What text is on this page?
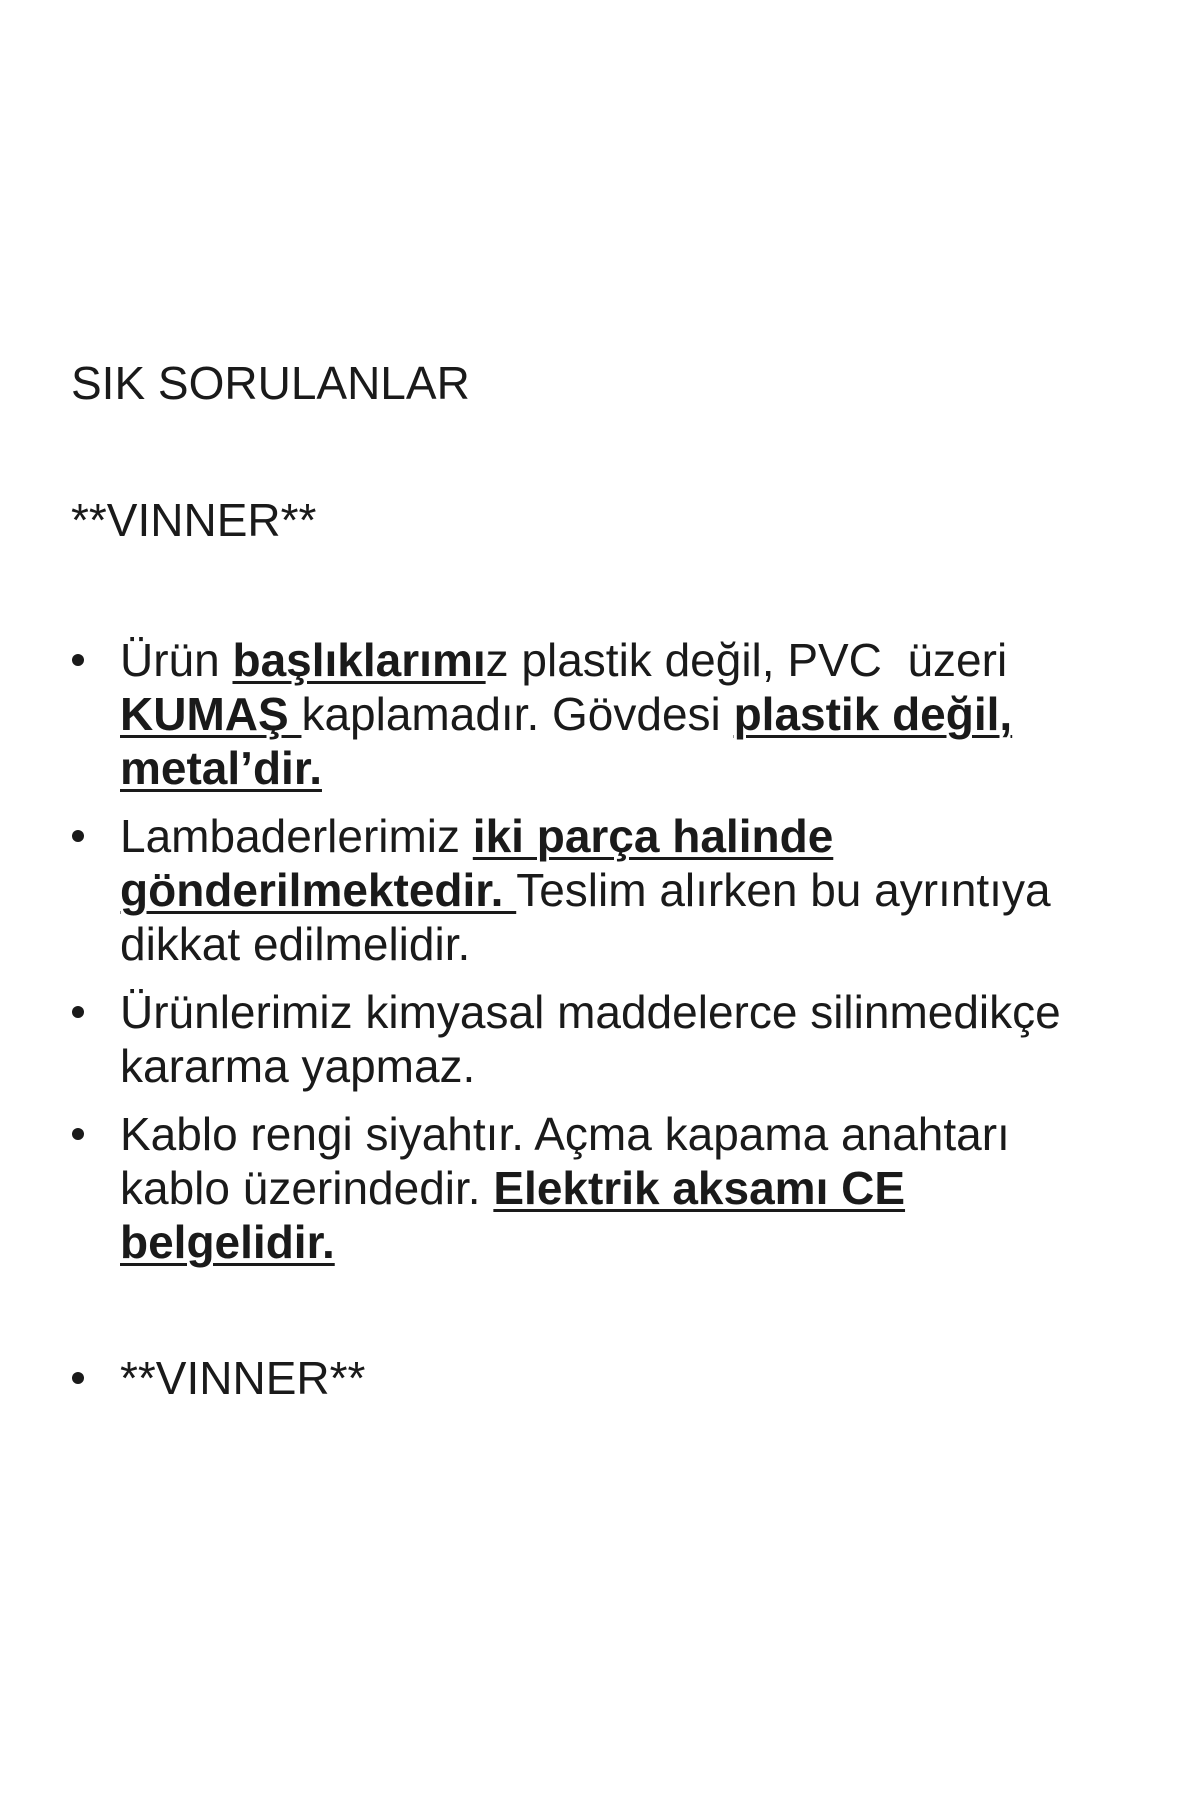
SIK SORULANLAR
**VINNER**
Ürün başlıklarımız plastik değil, PVC  üzeri
KUMAŞ kaplamadır. Gövdesi plastik değil,
metal’dir.
Lambaderlerimiz iki parça halinde
gönderilmektedir. Teslim alırken bu ayrıntıya
dikkat edilmelidir.
Ürünlerimiz kimyasal maddelerce silinmedikçe
kararma yapmaz.
Kablo rengi siyahtır. Açma kapama anahtarı
kablo üzerindedir. Elektrik aksamı CE
belgelidir.
**VINNER**
